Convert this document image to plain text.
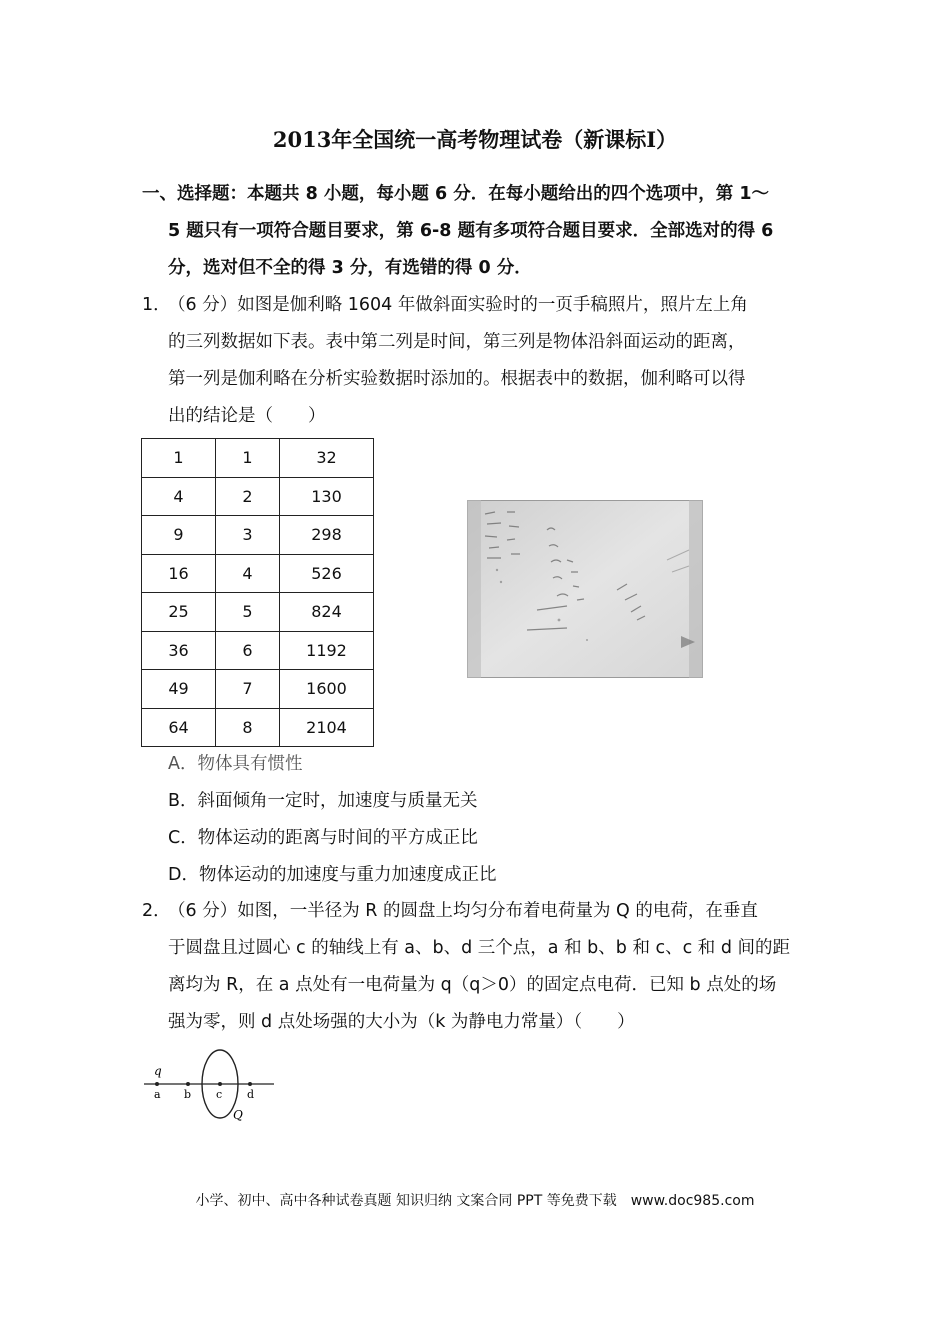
2013年全国统一高考物理试卷（新课标I）
一、选择题：本题共 8 小题，每小题 6 分．在每小题给出的四个选项中，第 1～
5 题只有一项符合题目要求，第 6-8 题有多项符合题目要求．全部选对的得 6
分，选对但不全的得 3 分，有选错的得 0 分．
1．（6 分）如图是伽利略 1604 年做斜面实验时的一页手稿照片，照片左上角
的三列数据如下表。表中第二列是时间，第三列是物体沿斜面运动的距离，
第一列是伽利略在分析实验数据时添加的。根据表中的数据，伽利略可以得
出的结论是（　　）
1	1	32
4	2	130
9	3	298
16	4	526
25	5	824
36	6	1192
49	7	1600
64	8	2104
A．物体具有惯性
B．斜面倾角一定时，加速度与质量无关
C．物体运动的距离与时间的平方成正比
D．物体运动的加速度与重力加速度成正比
2．（6 分）如图，一半径为 R 的圆盘上均匀分布着电荷量为 Q 的电荷，在垂直
于圆盘且过圆心 c 的轴线上有 a、b、d 三个点，a 和 b、b 和 c、c 和 d 间的距
离均为 R，在 a 点处有一电荷量为 q（q＞0）的固定点电荷．已知 b 点处的场
强为零，则 d 点处场强的大小为（k 为静电力常量）（　　）
q
a b c d
Q
小学、初中、高中各种试卷真题 知识归纳 文案合同 PPT 等免费下载　www.doc985.com
